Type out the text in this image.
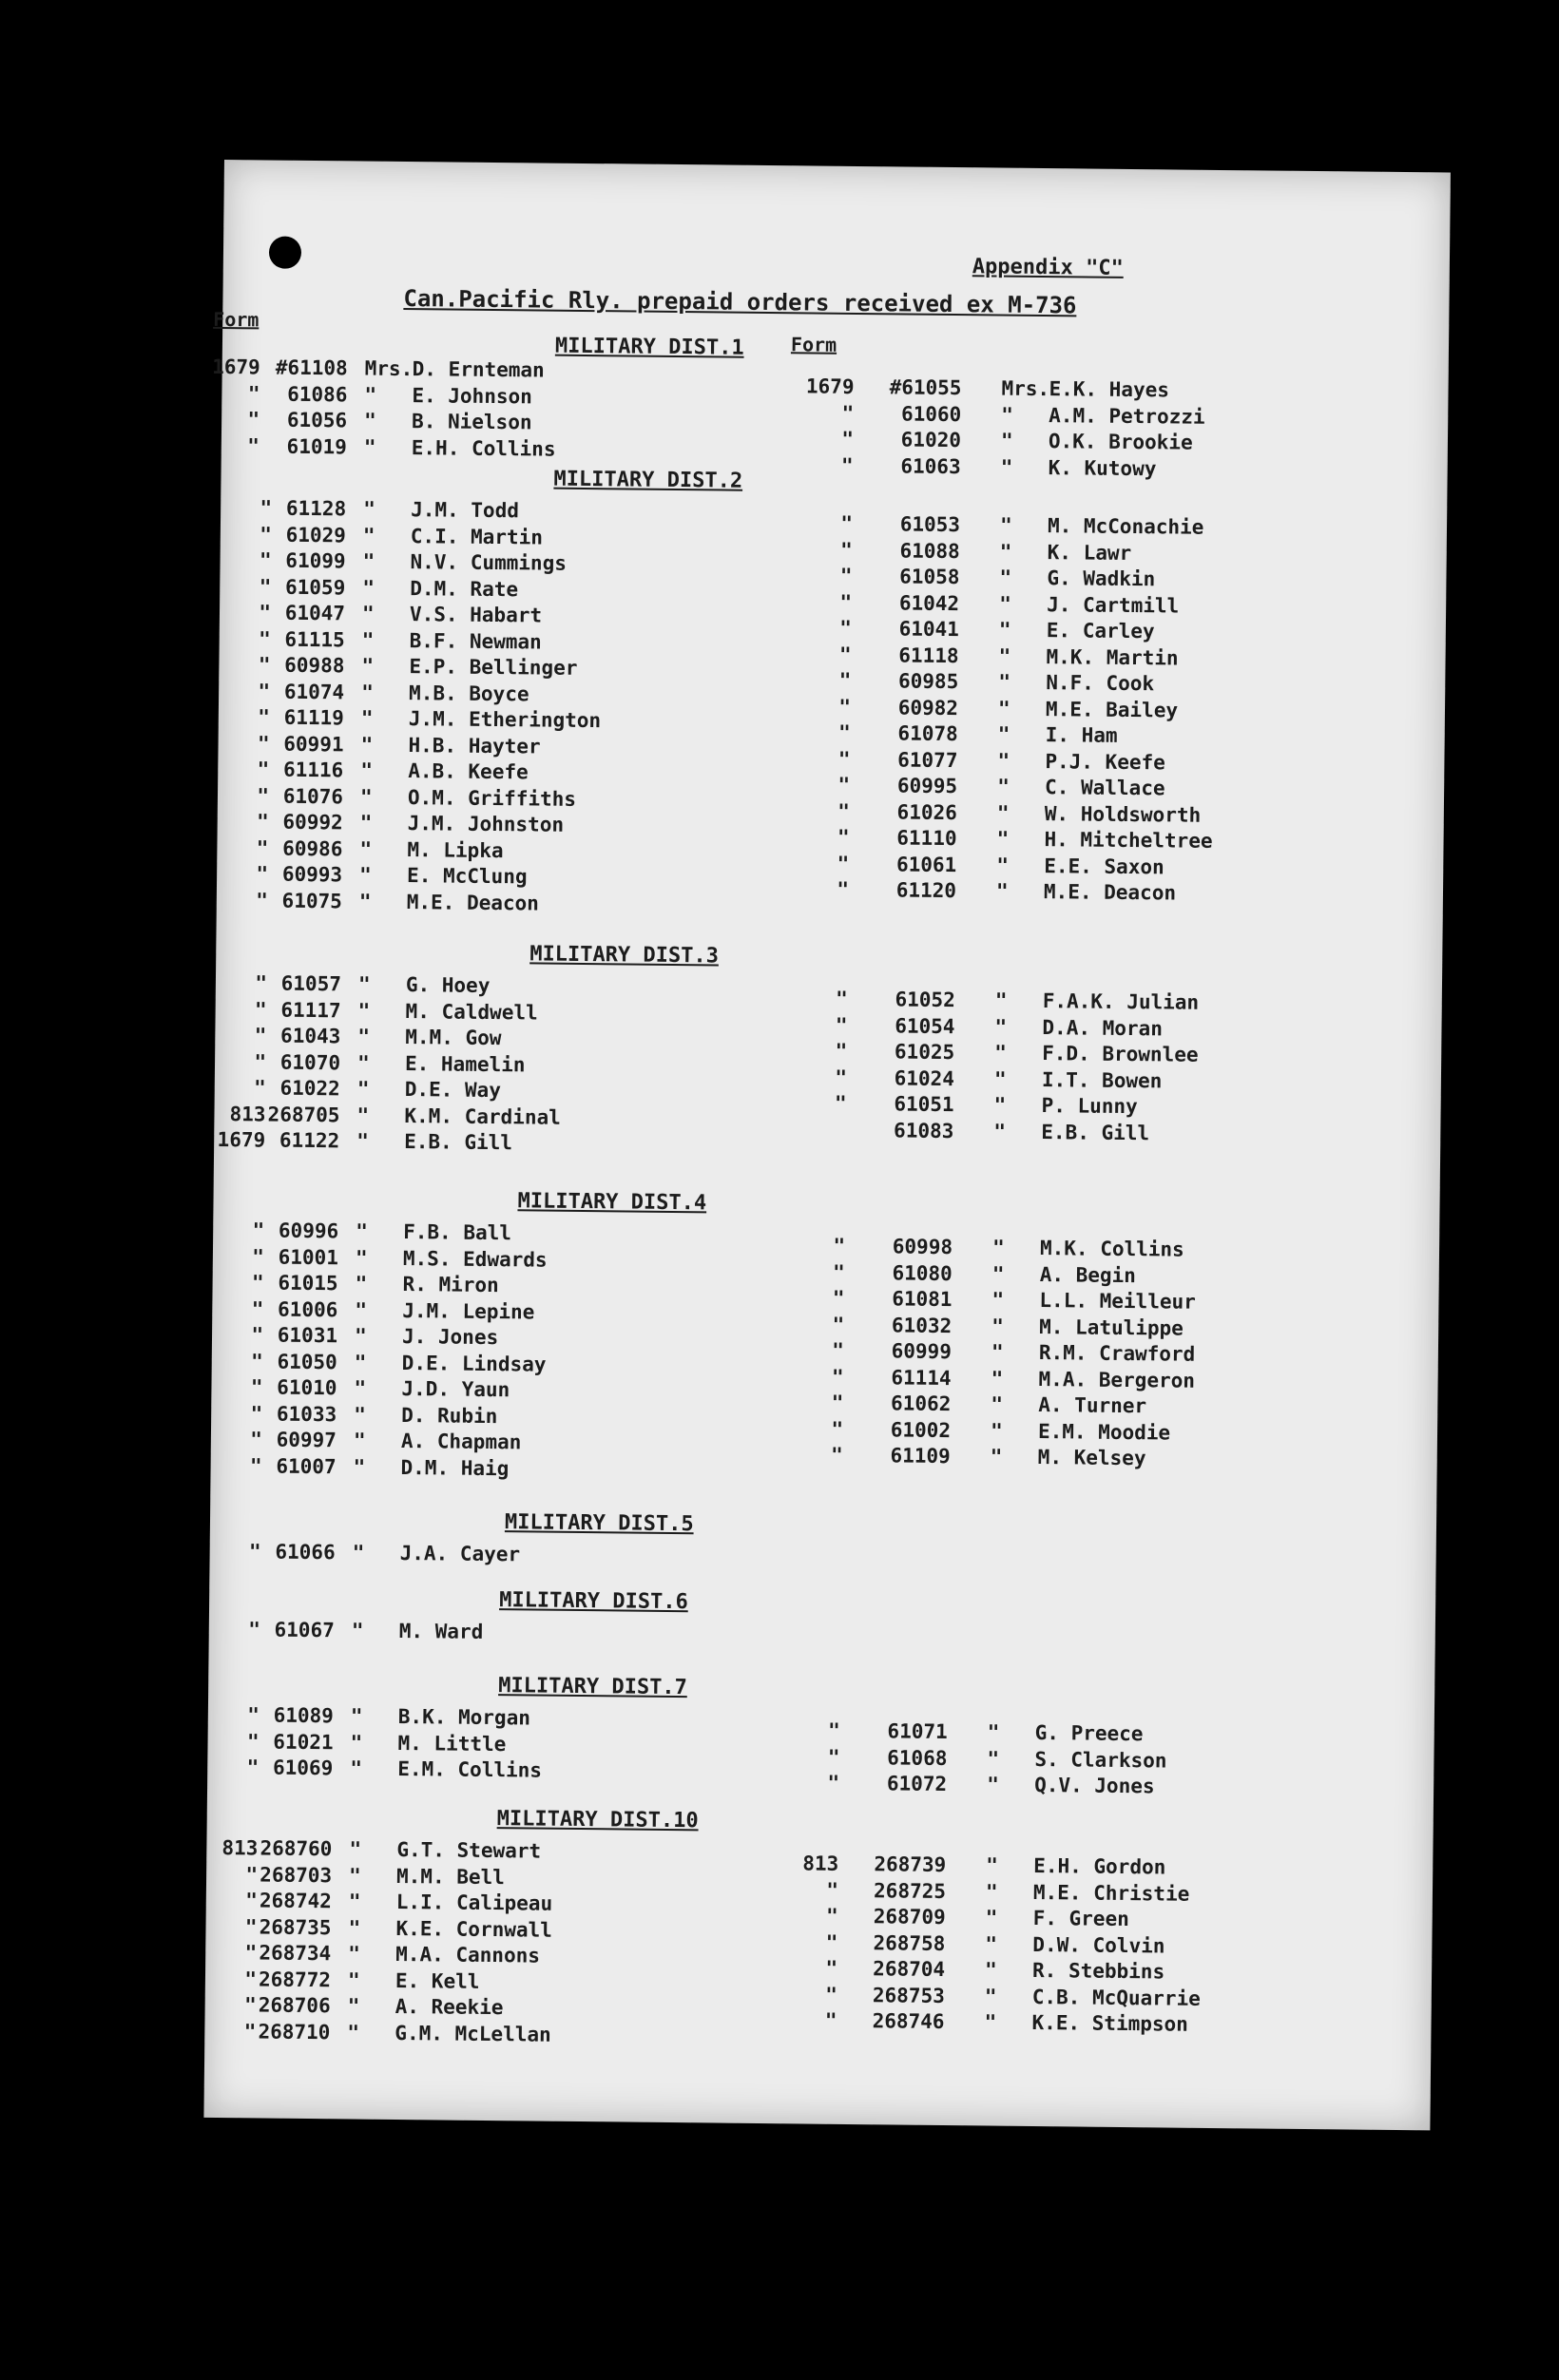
Appendix "C"
Can.Pacific Rly. prepaid orders received ex M-736
Form
Form
MILITARY DIST.1
1679 #61108 Mrs. D. Ernteman
"	61086 "	E. Johnson
"	61056 "	B. Nielson
"	61019 "	E.H. Collins
1679	#61055 Mrs. E.K. Hayes
"	61060 "	A.M. Petrozzi
"	61020 "	O.K. Brookie
"	61063 "	K. Kutowy
MILITARY DIST.2
" 61128 "	J.M. Todd
" 61029 "	C.I. Martin
" 61099 "	N.V. Cummings
" 61059 "	D.M. Rate
" 61047 "	V.S. Habart
" 61115 "	B.F. Newman
" 60988 "	E.P. Bellinger
" 61074 "	M.B. Boyce
" 61119 "	J.M. Etherington
" 60991 "	H.B. Hayter
" 61116 "	A.B. Keefe
" 61076 "	O.M. Griffiths
" 60992 "	J.M. Johnston
" 60986 "	M. Lipka
" 60993 "	E. McClung
" 61075 "	M.E. Deacon
"	61053 "	M. McConachie
"	61088 "	K. Lawr
"	61058 "	G. Wadkin
"	61042 "	J. Cartmill
"	61041 "	E. Carley
"	61118 "	M.K. Martin
"	60985 "	N.F. Cook
"	60982 "	M.E. Bailey
"	61078 "	I. Ham
"	61077 "	P.J. Keefe
"	60995 "	C. Wallace
"	61026 "	W. Holdsworth
"	61110 "	H. Mitcheltree
"	61061 "	E.E. Saxon
"	61120 "	M.E. Deacon
MILITARY DIST.3
" 61057 "	G. Hoey
" 61117 "	M. Caldwell
" 61043 "	M.M. Gow
" 61070 "	E. Hamelin
" 61022 "	D.E. Way
813 268705 "	K.M. Cardinal
1679 61122 "	E.B. Gill
"	61052 "	F.A.K. Julian
"	61054 "	D.A. Moran
"	61025 "	F.D. Brownlee
"	61024 "	I.T. Bowen
"	61051 "	P. Lunny
61083 "	E.B. Gill
MILITARY DIST.4
" 60996 "	F.B. Ball
" 61001 "	M.S. Edwards
" 61015 "	R. Miron
" 61006 "	J.M. Lepine
" 61031 "	J. Jones
" 61050 "	D.E. Lindsay
" 61010 "	J.D. Yaun
" 61033 "	D. Rubin
" 60997 "	A. Chapman
" 61007 "	D.M. Haig
"	60998 "	M.K. Collins
"	61080 "	A. Begin
"	61081 "	L.L. Meilleur
"	61032 "	M. Latulippe
"	60999 "	R.M. Crawford
"	61114 "	M.A. Bergeron
"	61062 "	A. Turner
"	61002 "	E.M. Moodie
"	61109 "	M. Kelsey
MILITARY DIST.5
" 61066 "	J.A. Cayer
MILITARY DIST.6
" 61067 "	M. Ward
MILITARY DIST.7
" 61089 "	B.K. Morgan
" 61021 "	M. Little
" 61069 "	E.M. Collins
"	61071 "	G. Preece
"	61068 "	S. Clarkson
"	61072 "	Q.V. Jones
MILITARY DIST.10
813 268760 "	G.T. Stewart
" 268703 "	M.M. Bell
" 268742 "	L.I. Calipeau
" 268735 "	K.E. Cornwall
" 268734 "	M.A. Cannons
" 268772 "	E. Kell
" 268706 "	A. Reekie
" 268710 "	G.M. McLellan
813	268739 "	E.H. Gordon
"	268725 "	M.E. Christie
"	268709 "	F. Green
"	268758 "	D.W. Colvin
"	268704 "	R. Stebbins
"	268753 "	C.B. McQuarrie
"	268746 "	K.E. Stimpson
